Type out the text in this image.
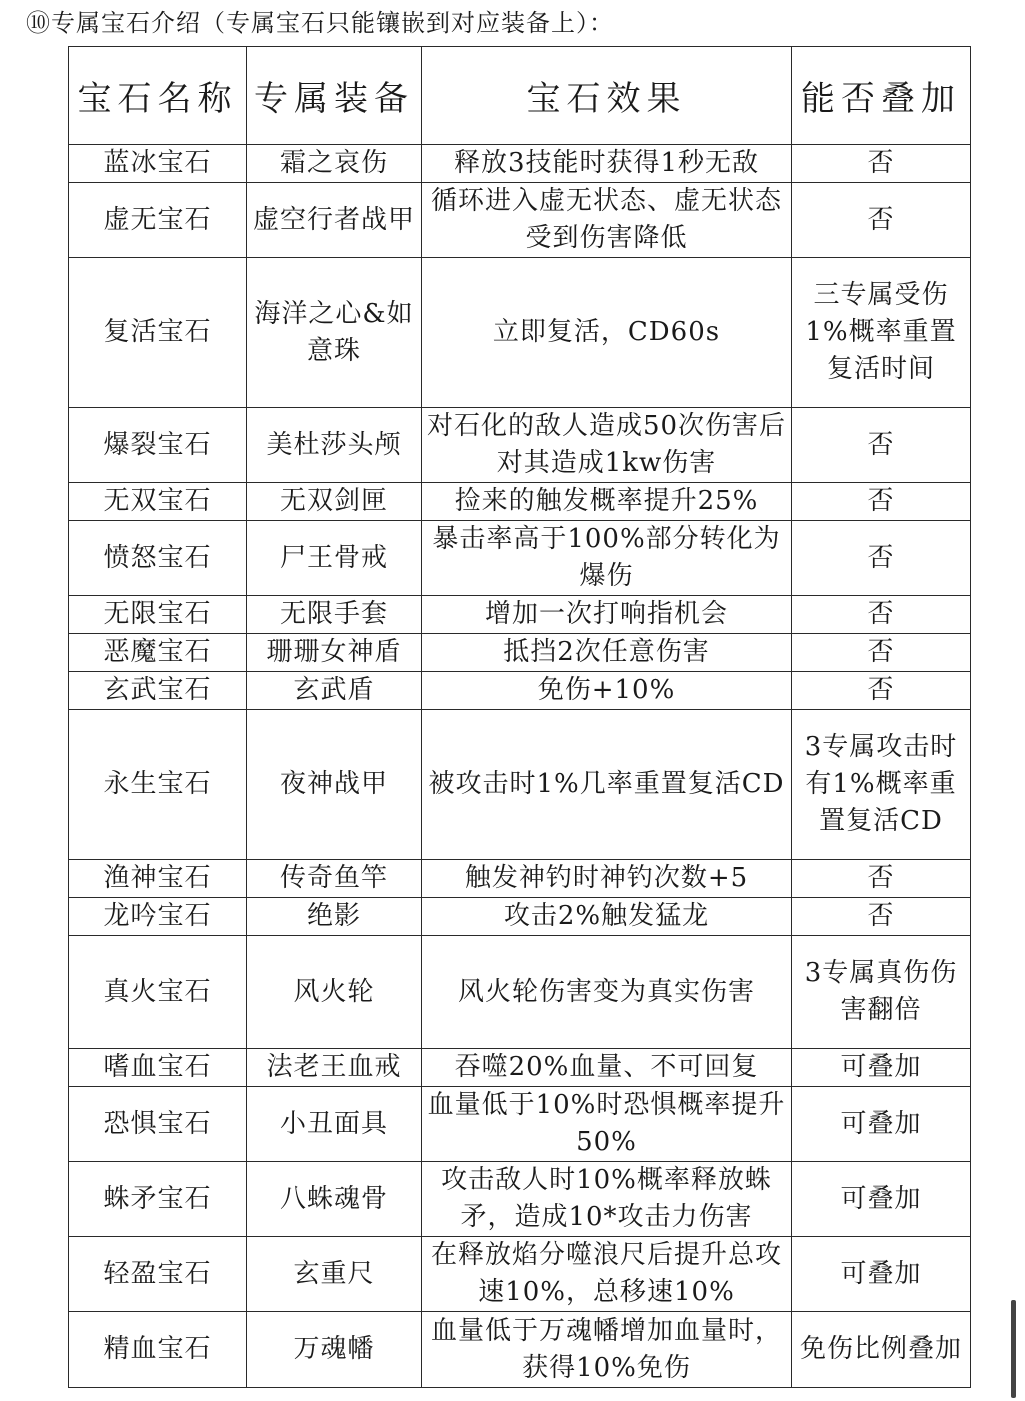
⑩专属宝石介绍（专属宝石只能镶嵌到对应装备上）：
宝石名称	专属装备	宝石效果	能否叠加
蓝冰宝石	霜之哀伤	释放3技能时获得1秒无敌	否
虚无宝石	虚空行者战甲	循环进入虚无状态、虚无状态受到伤害降低	否
复活宝石	海洋之心&如意珠	立即复活，CD60s	三专属受伤1%概率重置复活时间
爆裂宝石	美杜莎头颅	对石化的敌人造成50次伤害后对其造成1kw伤害	否
无双宝石	无双剑匣	捡来的触发概率提升25%	否
愤怒宝石	尸王骨戒	暴击率高于100%部分转化为爆伤	否
无限宝石	无限手套	增加一次打响指机会	否
恶魔宝石	珊珊女神盾	抵挡2次任意伤害	否
玄武宝石	玄武盾	免伤+10%	否
永生宝石	夜神战甲	被攻击时1%几率重置复活CD	3专属攻击时有1%概率重置复活CD
渔神宝石	传奇鱼竿	触发神钓时神钓次数+5	否
龙吟宝石	绝影	攻击2%触发猛龙	否
真火宝石	风火轮	风火轮伤害变为真实伤害	3专属真伤伤害翻倍
嗜血宝石	法老王血戒	吞噬20%血量、不可回复	可叠加
恐惧宝石	小丑面具	血量低于10%时恐惧概率提升50%	可叠加
蛛矛宝石	八蛛魂骨	攻击敌人时10%概率释放蛛矛，造成10*攻击力伤害	可叠加
轻盈宝石	玄重尺	在释放焰分噬浪尺后提升总攻速10%，总移速10%	可叠加
精血宝石	万魂幡	血量低于万魂幡增加血量时，获得10%免伤	免伤比例叠加
